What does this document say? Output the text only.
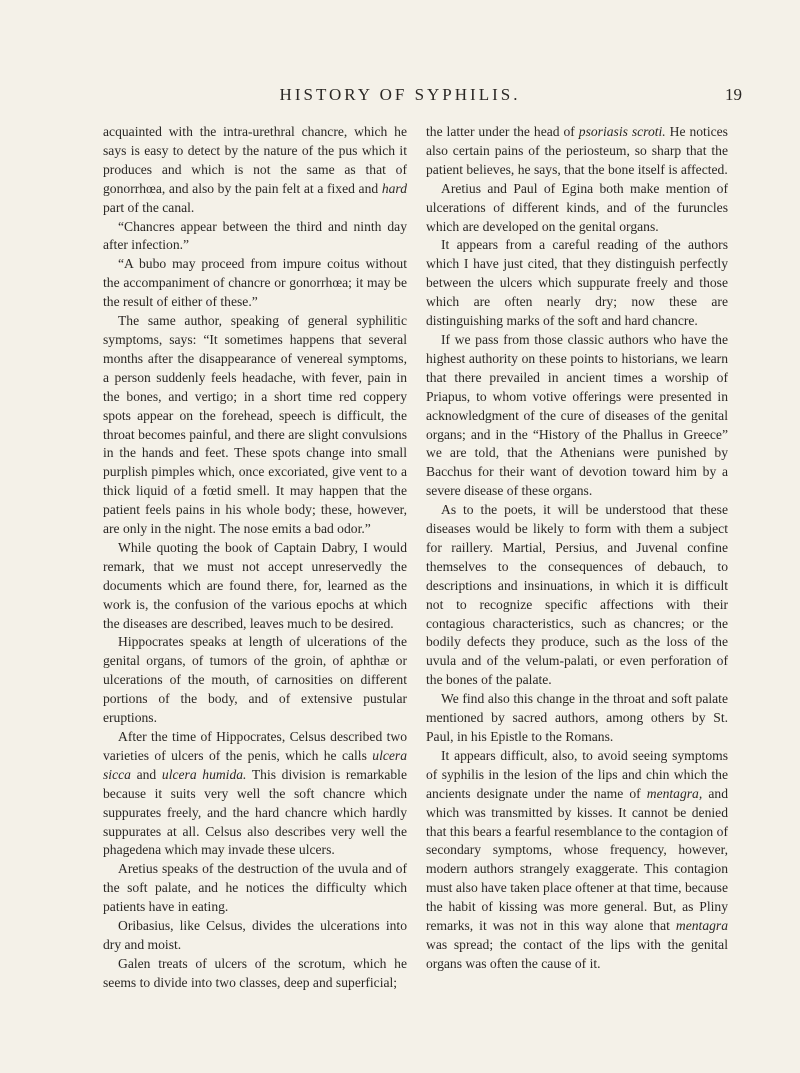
HISTORY OF SYPHILIS.	19

acquainted with the intra-urethral chancre, which he says is easy to detect by the nature of the pus which it produces and which is not the same as that of gonorrhœa, and also by the pain felt at a fixed and hard part of the canal.

“Chancres appear between the third and ninth day after infection.”

“A bubo may proceed from impure coitus without the accompaniment of chancre or gonorrhœa; it may be the result of either of these.”

The same author, speaking of general syphilitic symptoms, says: “It sometimes happens that several months after the disappearance of venereal symptoms, a person suddenly feels headache, with fever, pain in the bones, and vertigo; in a short time red coppery spots appear on the forehead, speech is difficult, the throat becomes painful, and there are slight convulsions in the hands and feet. These spots change into small purplish pimples which, once excoriated, give vent to a thick liquid of a fœtid smell. It may happen that the patient feels pains in his whole body; these, however, are only in the night. The nose emits a bad odor.”

While quoting the book of Captain Dabry, I would remark, that we must not accept unreservedly the documents which are found there, for, learned as the work is, the confusion of the various epochs at which the diseases are described, leaves much to be desired.

Hippocrates speaks at length of ulcerations of the genital organs, of tumors of the groin, of aphthæ or ulcerations of the mouth, of carnosities on different portions of the body, and of extensive pustular eruptions.

After the time of Hippocrates, Celsus described two varieties of ulcers of the penis, which he calls ulcera sicca and ulcera humida. This division is remarkable because it suits very well the soft chancre which suppurates freely, and the hard chancre which hardly suppurates at all. Celsus also describes very well the phagedena which may invade these ulcers.

Aretius speaks of the destruction of the uvula and of the soft palate, and he notices the difficulty which patients have in eating.

Oribasius, like Celsus, divides the ulcerations into dry and moist.

Galen treats of ulcers of the scrotum, which he seems to divide into two classes, deep and superficial;

the latter under the head of psoriasis scroti. He notices also certain pains of the periosteum, so sharp that the patient believes, he says, that the bone itself is affected.

Aretius and Paul of Egina both make mention of ulcerations of different kinds, and of the furuncles which are developed on the genital organs.

It appears from a careful reading of the authors which I have just cited, that they distinguish perfectly between the ulcers which suppurate freely and those which are often nearly dry; now these are distinguishing marks of the soft and hard chancre.

If we pass from those classic authors who have the highest authority on these points to historians, we learn that there prevailed in ancient times a worship of Priapus, to whom votive offerings were presented in acknowledgment of the cure of diseases of the genital organs; and in the “History of the Phallus in Greece” we are told, that the Athenians were punished by Bacchus for their want of devotion toward him by a severe disease of these organs.

As to the poets, it will be understood that these diseases would be likely to form with them a subject for raillery. Martial, Persius, and Juvenal confine themselves to the consequences of debauch, to descriptions and insinuations, in which it is difficult not to recognize specific affections with their contagious characteristics, such as chancres; or the bodily defects they produce, such as the loss of the uvula and of the velum-palati, or even perforation of the bones of the palate.

We find also this change in the throat and soft palate mentioned by sacred authors, among others by St. Paul, in his Epistle to the Romans.

It appears difficult, also, to avoid seeing symptoms of syphilis in the lesion of the lips and chin which the ancients designate under the name of mentagra, and which was transmitted by kisses. It cannot be denied that this bears a fearful resemblance to the contagion of secondary symptoms, whose frequency, however, modern authors strangely exaggerate. This contagion must also have taken place oftener at that time, because the habit of kissing was more general. But, as Pliny remarks, it was not in this way alone that mentagra was spread; the contact of the lips with the genital organs was often the cause of it.
